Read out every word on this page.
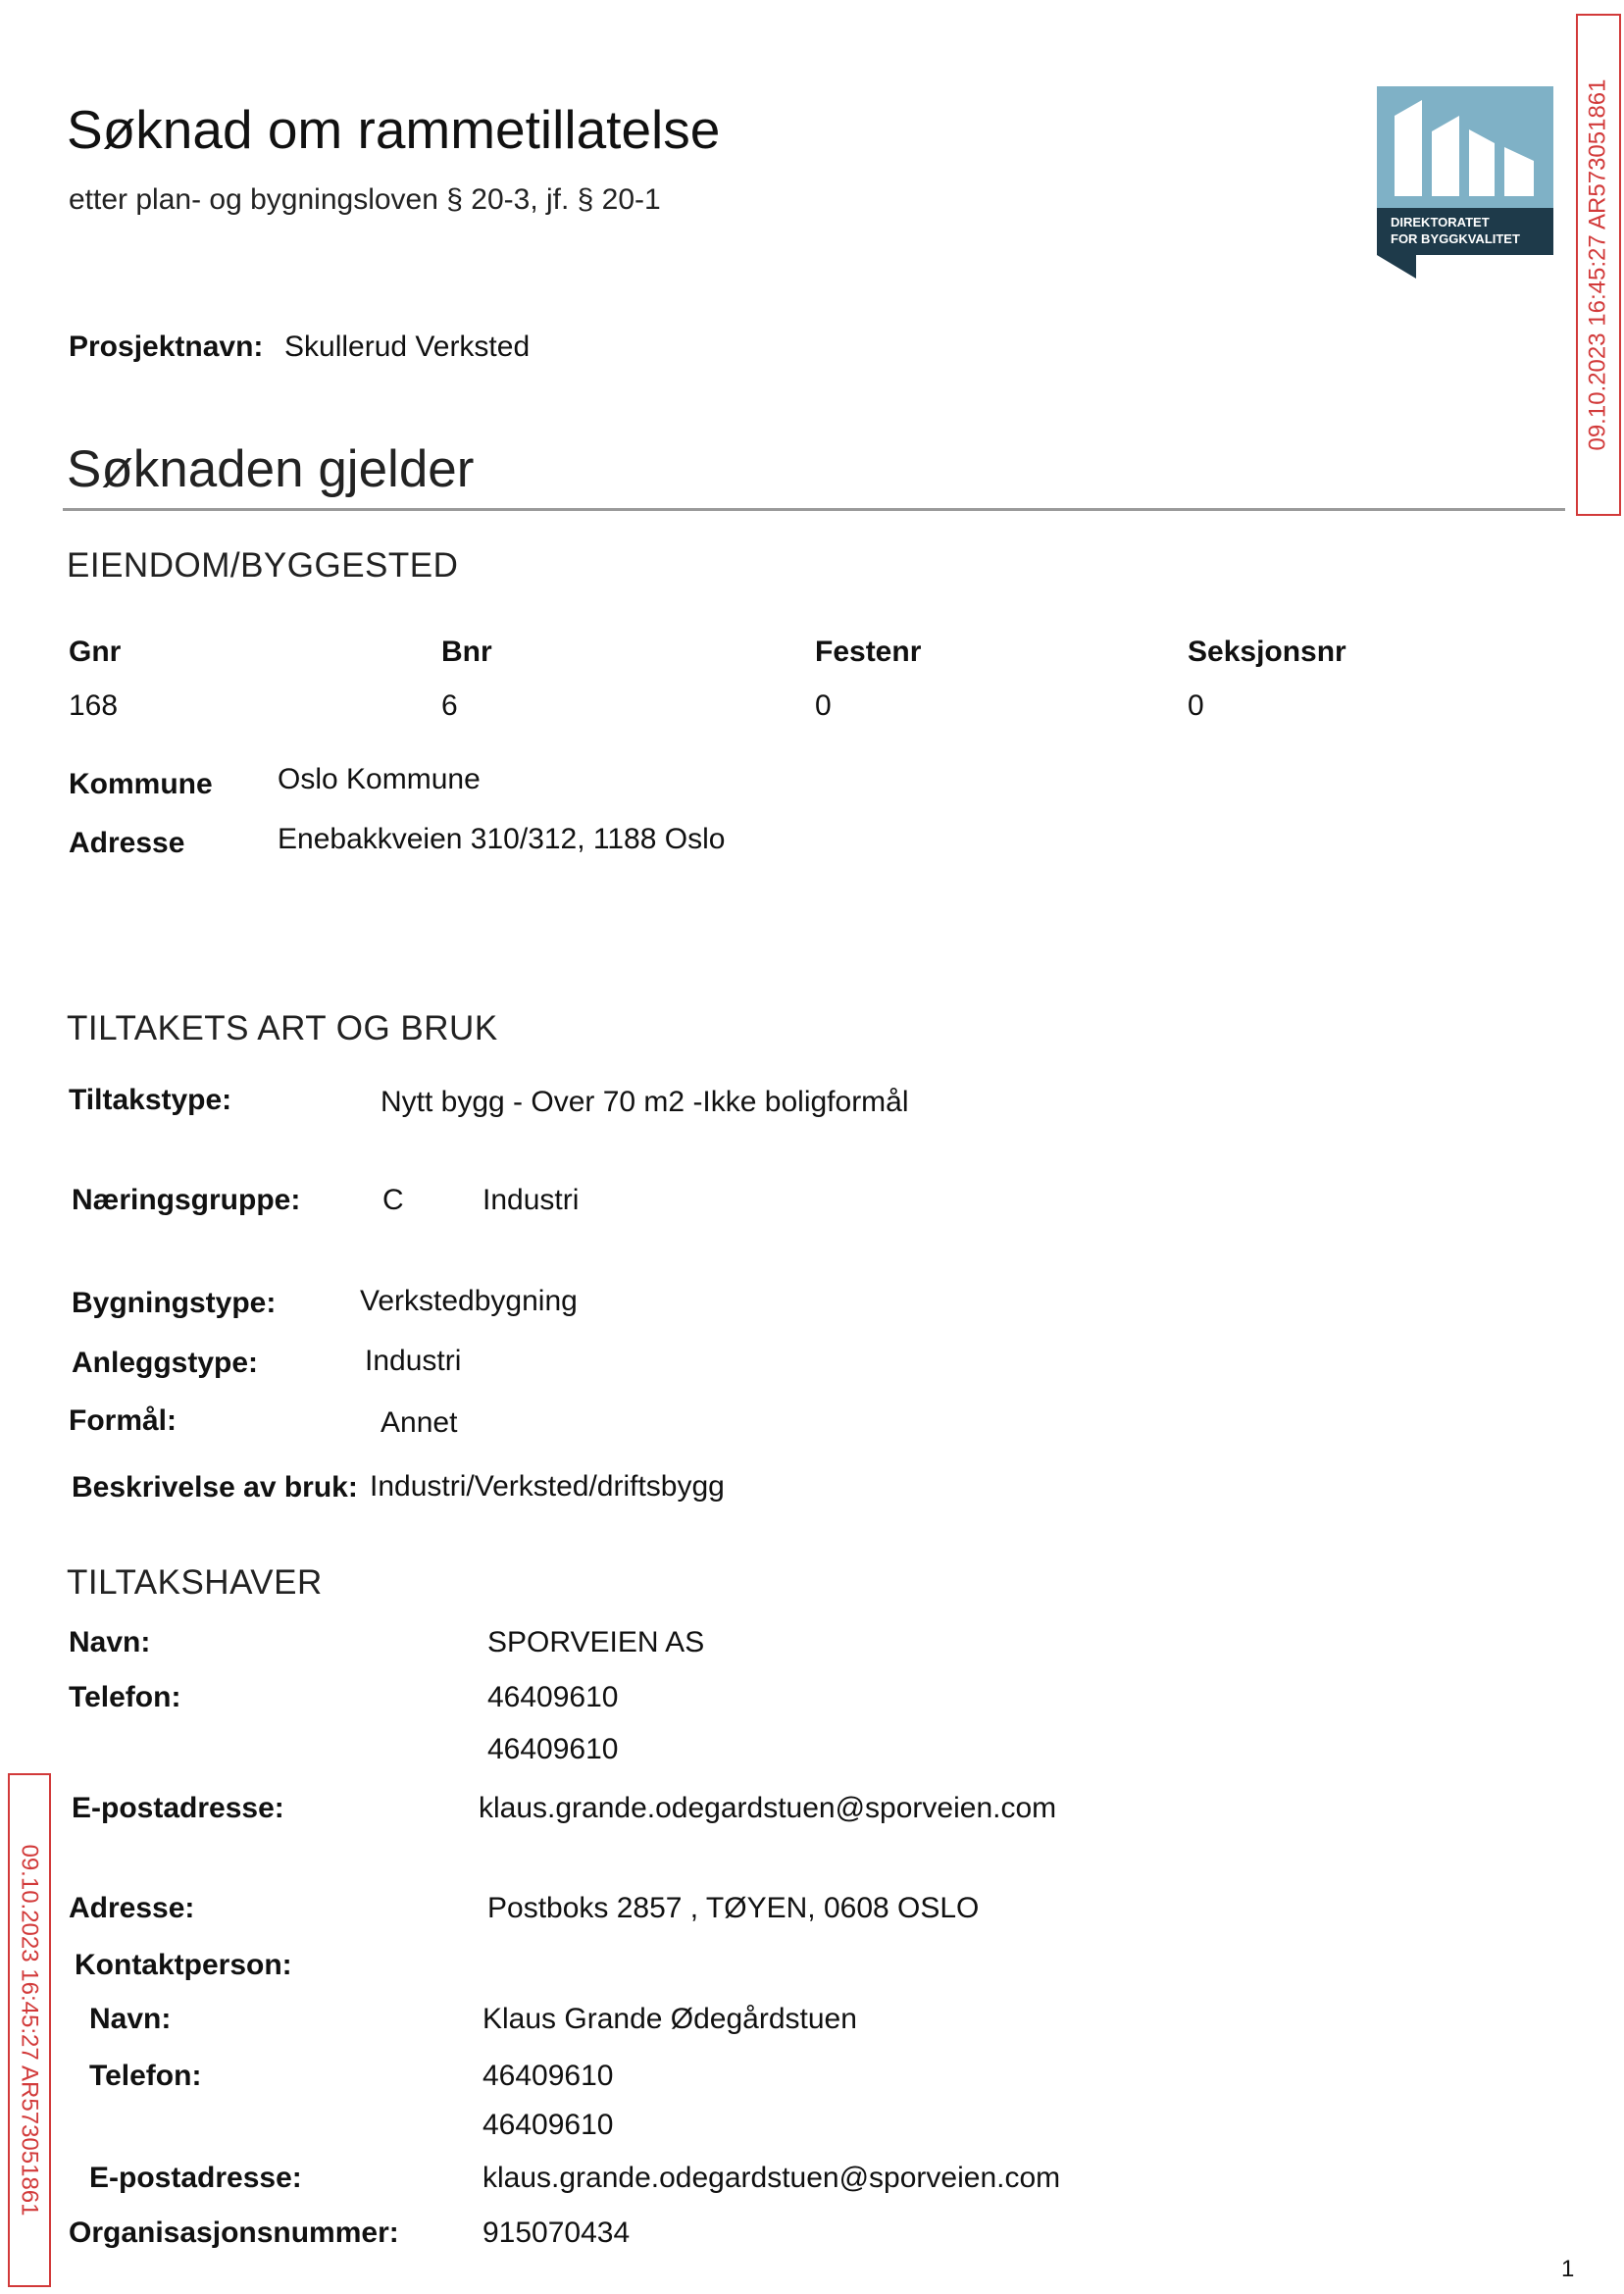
Søknad om rammetillatelse
etter plan- og bygningsloven § 20-3, jf. § 20-1
DIREKTORATET
FOR BYGGKVALITET	09.10.2023 16:45:27 AR573051861
09.10.2023 16:45:27 AR573051861
Prosjektnavn: Skullerud Verksted
Søknaden gjelder
EIENDOM/BYGGESTED
Gnr	Bnr	Festenr	Seksjonsnr
168	6	0	0
Kommune Oslo Kommune
Adresse	Enebakkveien 310/312, 1188 Oslo
TILTAKETS ART OG BRUK
Tiltakstype:	Nytt bygg - Over 70 m2 -Ikke boligformål
Næringsgruppe:	C	Industri
Bygningstype:	Verkstedbygning
Anleggstype:	Industri
Formål:	Annet
Beskrivelse av bruk: Industri/Verksted/driftsbygg
TILTAKSHAVER
Navn:	SPORVEIEN AS
Telefon:	46409610
46409610
E-postadresse:	klaus.grande.odegardstuen@sporveien.com
Adresse:	Postboks 2857 , TØYEN, 0608 OSLO
Kontaktperson:
Navn:	Klaus Grande Ødegårdstuen
Telefon:	46409610
46409610
E-postadresse:	klaus.grande.odegardstuen@sporveien.com
Organisasjonsnummer:	915070434
1
